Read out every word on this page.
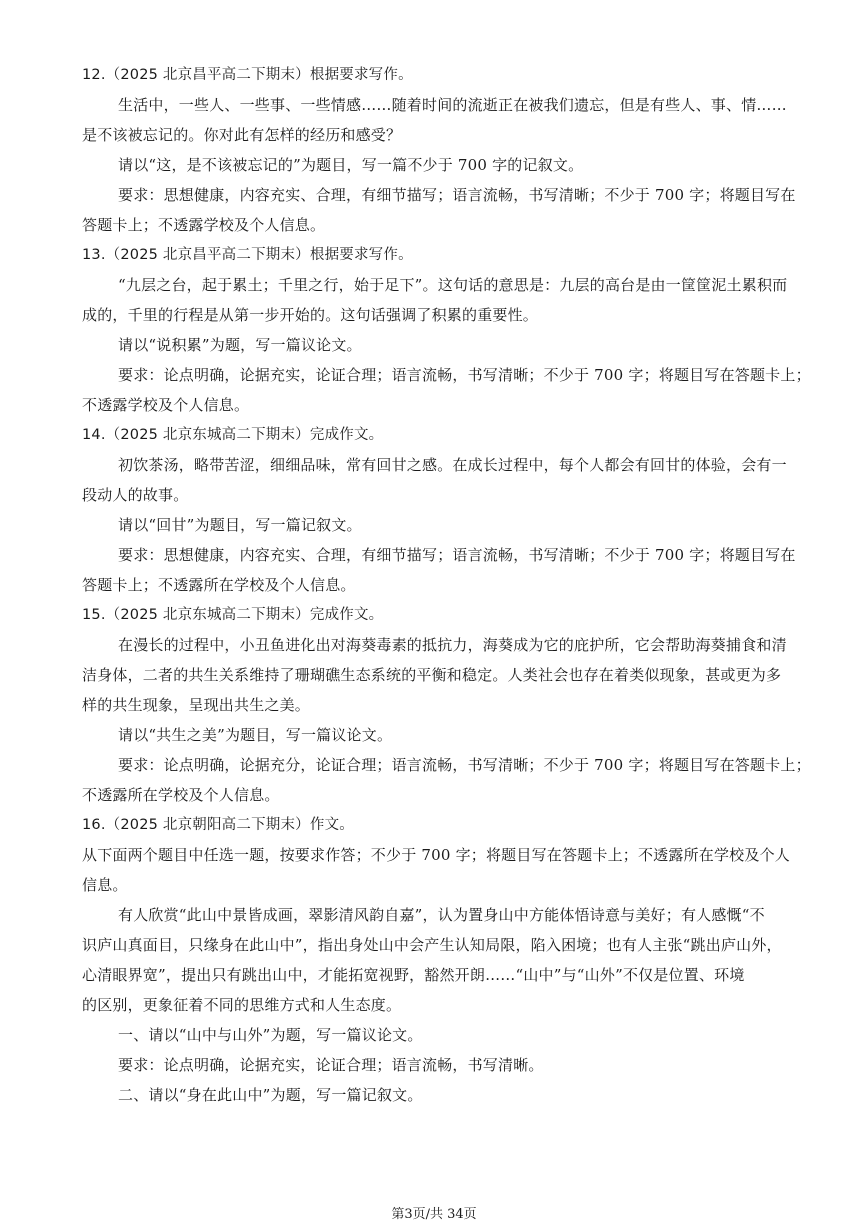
12.（2025 北京昌平高二下期末）根据要求写作。
生活中，一些人、一些事、一些情感……随着时间的流逝正在被我们遗忘，但是有些人、事、情……
是不该被忘记的。你对此有怎样的经历和感受？
请以“这，是不该被忘记的”为题目，写一篇不少于 700 字的记叙文。
要求：思想健康，内容充实、合理，有细节描写；语言流畅，书写清晰；不少于 700 字；将题目写在
答题卡上；不透露学校及个人信息。
13.（2025 北京昌平高二下期末）根据要求写作。
“九层之台，起于累土；千里之行，始于足下”。这句话的意思是：九层的高台是由一筐筐泥土累积而
成的，千里的行程是从第一步开始的。这句话强调了积累的重要性。
请以“说积累”为题，写一篇议论文。
要求：论点明确，论据充实，论证合理；语言流畅，书写清晰；不少于 700 字；将题目写在答题卡上；
不透露学校及个人信息。
14.（2025 北京东城高二下期末）完成作文。
初饮茶汤，略带苦涩，细细品味，常有回甘之感。在成长过程中，每个人都会有回甘的体验，会有一
段动人的故事。
请以“回甘”为题目，写一篇记叙文。
要求：思想健康，内容充实、合理，有细节描写；语言流畅，书写清晰；不少于 700 字；将题目写在
答题卡上；不透露所在学校及个人信息。
15.（2025 北京东城高二下期末）完成作文。
在漫长的过程中，小丑鱼进化出对海葵毒素的抵抗力，海葵成为它的庇护所，它会帮助海葵捕食和清
洁身体，二者的共生关系维持了珊瑚礁生态系统的平衡和稳定。人类社会也存在着类似现象，甚或更为多
样的共生现象，呈现出共生之美。
请以“共生之美”为题目，写一篇议论文。
要求：论点明确，论据充分，论证合理；语言流畅，书写清晰；不少于 700 字；将题目写在答题卡上；
不透露所在学校及个人信息。
16.（2025 北京朝阳高二下期末）作文。
从下面两个题目中任选一题，按要求作答；不少于 700 字；将题目写在答题卡上；不透露所在学校及个人
信息。
有人欣赏“此山中景皆成画，翠影清风韵自嘉”，认为置身山中方能体悟诗意与美好；有人感慨“不
识庐山真面目，只缘身在此山中”，指出身处山中会产生认知局限，陷入困境；也有人主张“跳出庐山外，
心清眼界宽”，提出只有跳出山中，才能拓宽视野，豁然开朗……“山中”与“山外”不仅是位置、环境
的区别，更象征着不同的思维方式和人生态度。
一、请以“山中与山外”为题，写一篇议论文。
要求：论点明确，论据充实，论证合理；语言流畅，书写清晰。
二、请以“身在此山中”为题，写一篇记叙文。
第3页/共 34页
